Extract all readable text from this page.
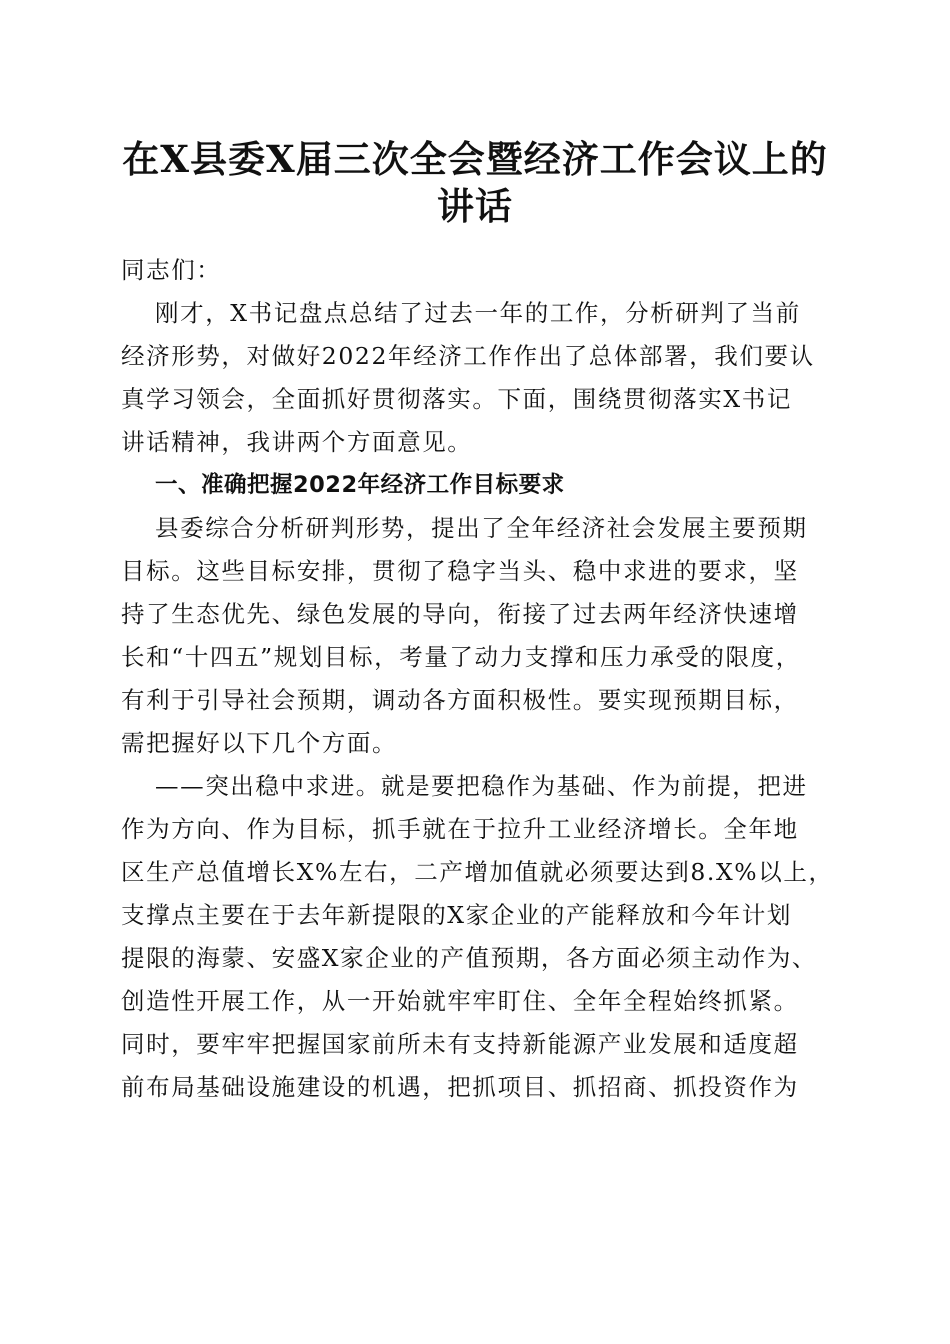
在X县委X届三次全会暨经济工作会议上的
讲话
同志们：
刚才，X书记盘点总结了过去一年的工作，分析研判了当前
经济形势，对做好2022年经济工作作出了总体部署，我们要认
真学习领会，全面抓好贯彻落实。下面，围绕贯彻落实X书记
讲话精神，我讲两个方面意见。
一、准确把握2022年经济工作目标要求
县委综合分析研判形势，提出了全年经济社会发展主要预期
目标。这些目标安排，贯彻了稳字当头、稳中求进的要求，坚
持了生态优先、绿色发展的导向，衔接了过去两年经济快速增
长和“十四五”规划目标，考量了动力支撑和压力承受的限度，
有利于引导社会预期，调动各方面积极性。要实现预期目标，
需把握好以下几个方面。
——突出稳中求进。就是要把稳作为基础、作为前提，把进
作为方向、作为目标，抓手就在于拉升工业经济增长。全年地
区生产总值增长X%左右，二产增加值就必须要达到8.X%以上，
支撑点主要在于去年新提限的X家企业的产能释放和今年计划
提限的海蒙、安盛X家企业的产值预期，各方面必须主动作为、
创造性开展工作，从一开始就牢牢盯住、全年全程始终抓紧。
同时，要牢牢把握国家前所未有支持新能源产业发展和适度超
前布局基础设施建设的机遇，把抓项目、抓招商、抓投资作为
